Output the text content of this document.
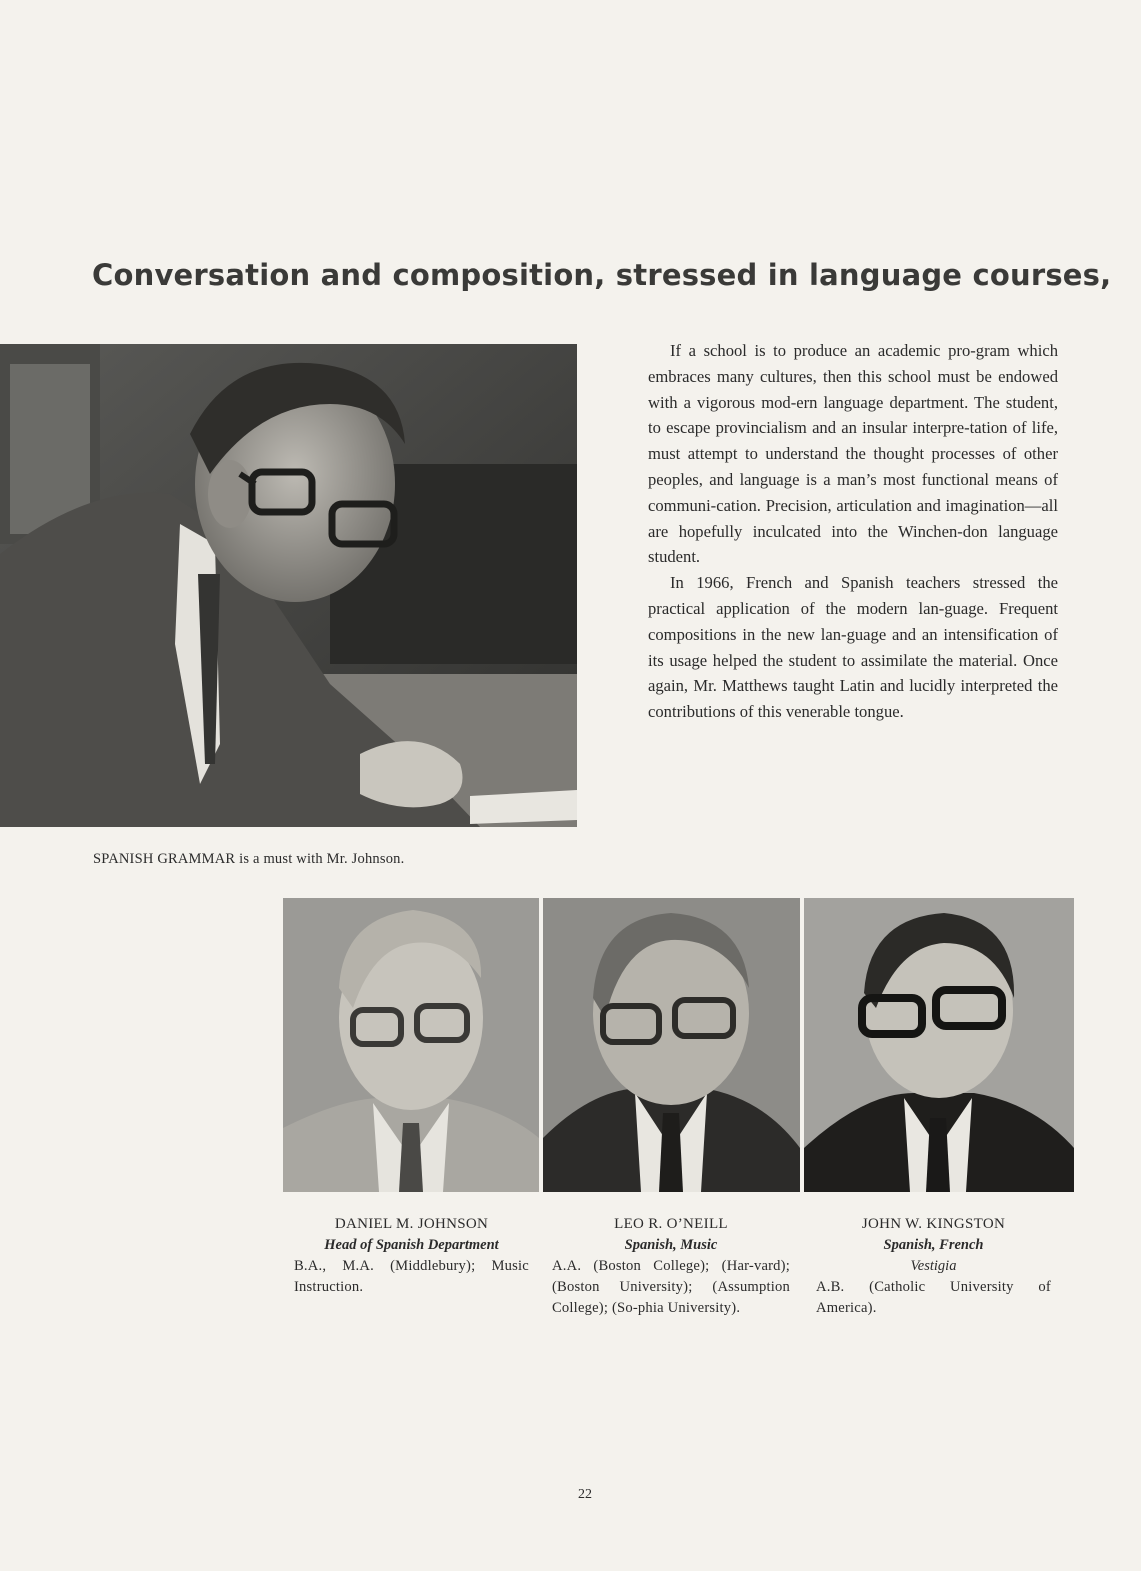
Conversation and composition, stressed in language courses,

If a school is to produce an academic pro-gram which embraces many cultures, then this school must be endowed with a vigorous mod-ern language department. The student, to escape provincialism and an insular interpre-tation of life, must attempt to understand the thought processes of other peoples, and language is a man’s most functional means of communi-cation. Precision, articulation and imagination—all are hopefully inculcated into the Winchen-don language student.

In 1966, French and Spanish teachers stressed the practical application of the modern lan-guage. Frequent compositions in the new lan-guage and an intensification of its usage helped the student to assimilate the material. Once again, Mr. Matthews taught Latin and lucidly interpreted the contributions of this venerable tongue.

SPANISH GRAMMAR is a must with Mr. Johnson.
DANIEL M. JOHNSON
Head of Spanish Department
B.A., M.A. (Middlebury); Music Instruction.
LEO R. O’NEILL
Spanish, Music
A.A. (Boston College); (Har-vard); (Boston University); (Assumption College); (So-phia University).
JOHN W. KINGSTON
Spanish, French
Vestigia
A.B. (Catholic University of America).
22
